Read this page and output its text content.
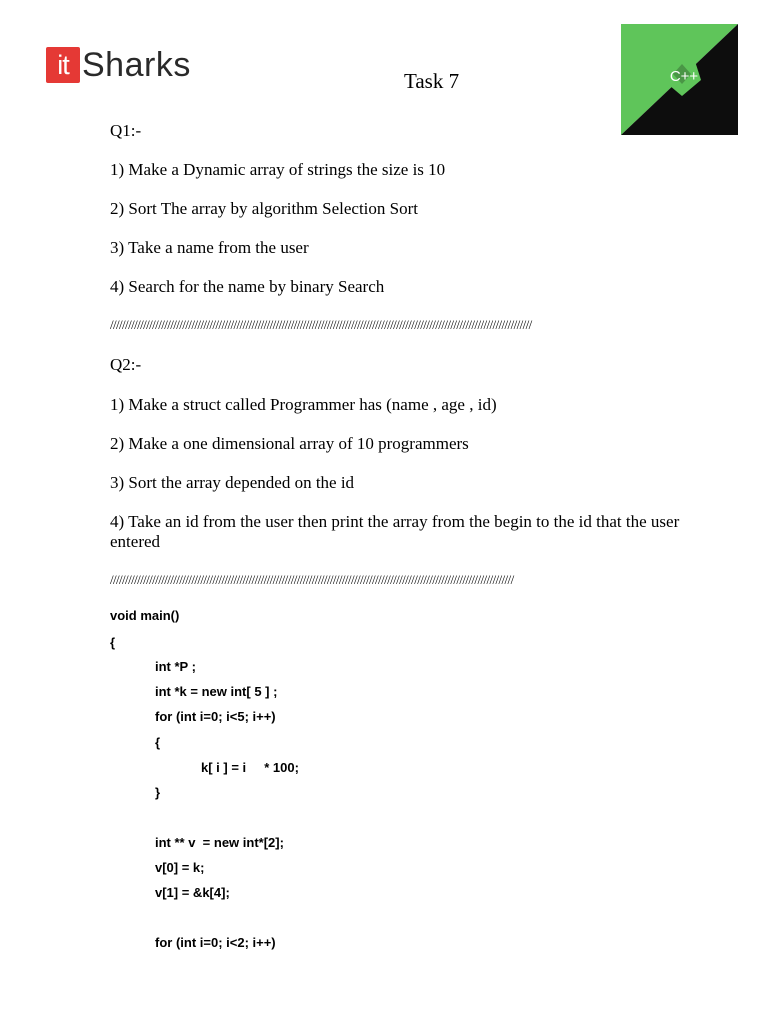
it Sharks	C++
Task 7
Q1:-
1) Make a Dynamic array of strings the size is 10
2) Sort The array by algorithm Selection Sort
3) Take a name from the user
4) Search for the name by binary Search
////////////////////////////////////////////////////////////////////////////////////////////////////////////////////////////////////////////
Q2:-
1) Make a struct called Programmer has (name , age , id)
2) Make a one dimensional array of 10 programmers
3) Sort the array depended on the id
4) Take an id from the user then print the array from the begin to the id that the user entered
//////////////////////////////////////////////////////////////////////////////////////////////////////////////////////////////////////
void main()
{
int *P ;
int *k = new int[ 5 ] ;
for (int i=0; i<5; i++)
{
k[ i ] = i     * 100;
}
int ** v  = new int*[2];
v[0] = k;
v[1] = &k[4];
for (int i=0; i<2; i++)
